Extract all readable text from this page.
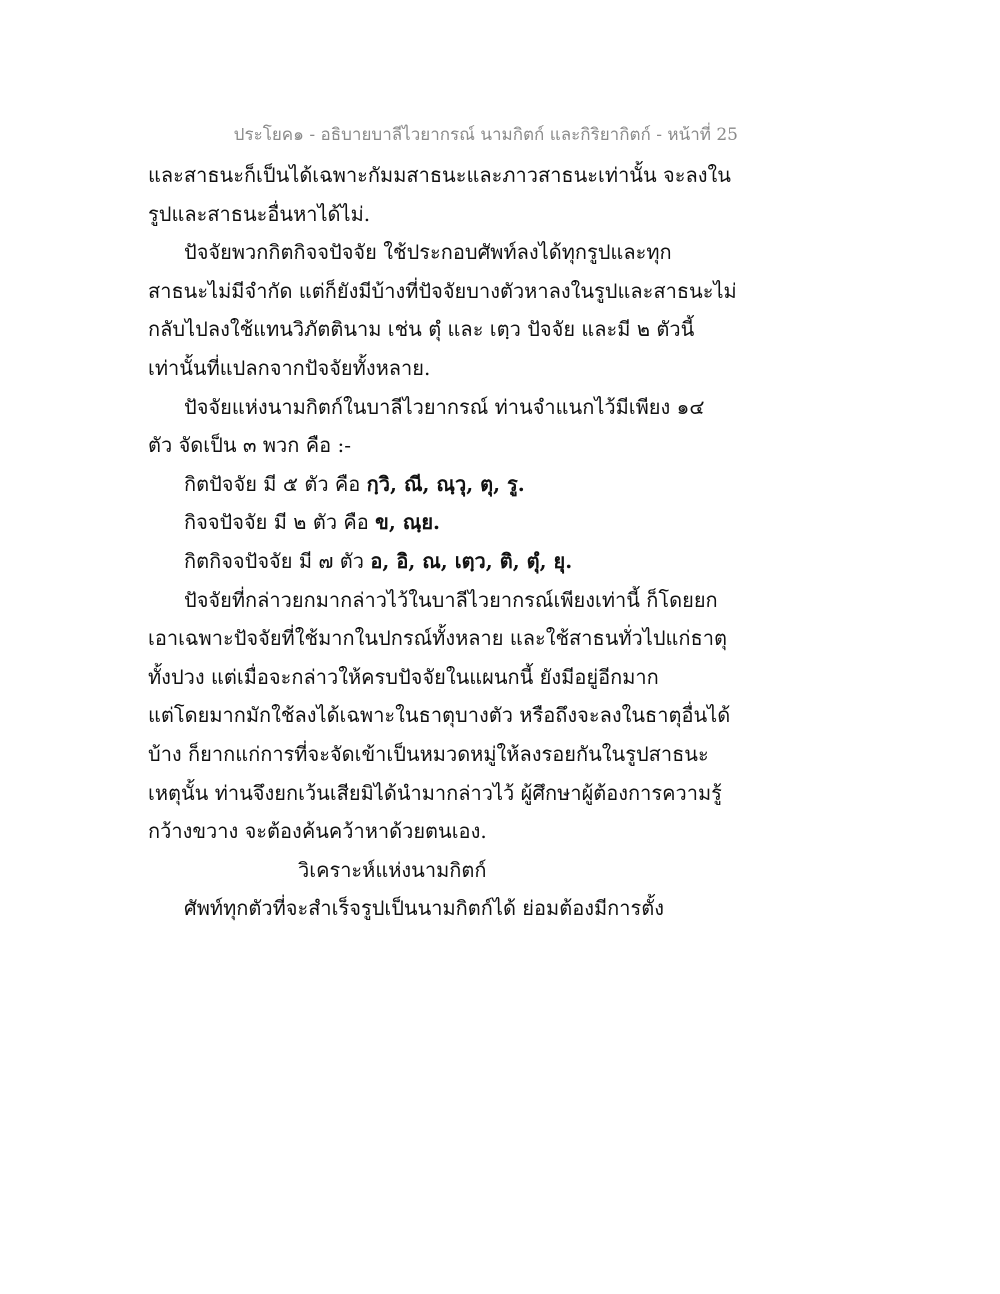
ประโยค๑ - อธิบายบาลีไวยากรณ์ นามกิตก์ และกิริยากิตก์ - หน้าที่ 25
และสาธนะก็เป็นได้เฉพาะกัมมสาธนะและภาวสาธนะเท่านั้น จะลงใน
รูปและสาธนะอื่นหาได้ไม่.
ปัจจัยพวกกิตกิจจปัจจัย ใช้ประกอบศัพท์ลงได้ทุกรูปและทุก
สาธนะไม่มีจำกัด แต่ก็ยังมีบ้างที่ปัจจัยบางตัวหาลงในรูปและสาธนะไม่
กลับไปลงใช้แทนวิภัตตินาม เช่น ตุํ และ เตฺว ปัจจัย และมี ๒ ตัวนี้
เท่านั้นที่แปลกจากปัจจัยทั้งหลาย.
ปัจจัยแห่งนามกิตก์ในบาลีไวยากรณ์ ท่านจำแนกไว้มีเพียง ๑๔
ตัว จัดเป็น ๓ พวก คือ :-
กิตปัจจัย มี ๕ ตัว คือ กฺวิ, ณี, ณฺวุ, ตุ, รู.
กิจจปัจจัย มี ๒ ตัว คือ ข, ณฺย.
กิตกิจจปัจจัย มี ๗ ตัว อ, อิ, ณ, เตฺว, ติ, ตุํ, ยุ.
ปัจจัยที่กล่าวยกมากล่าวไว้ในบาลีไวยากรณ์เพียงเท่านี้ ก็โดยยก
เอาเฉพาะปัจจัยที่ใช้มากในปกรณ์ทั้งหลาย และใช้สาธนทั่วไปแก่ธาตุ
ทั้งปวง แต่เมื่อจะกล่าวให้ครบปัจจัยในแผนกนี้ ยังมีอยู่อีกมาก
แต่โดยมากมักใช้ลงได้เฉพาะในธาตุบางตัว หรือถึงจะลงในธาตุอื่นได้
บ้าง ก็ยากแก่การที่จะจัดเข้าเป็นหมวดหมู่ให้ลงรอยกันในรูปสาธนะ
เหตุนั้น ท่านจึงยกเว้นเสียมิได้นำมากล่าวไว้ ผู้ศึกษาผู้ต้องการความรู้
กว้างขวาง จะต้องค้นคว้าหาด้วยตนเอง.
วิเคราะห์แห่งนามกิตก์
ศัพท์ทุกตัวที่จะสำเร็จรูปเป็นนามกิตก์ได้ ย่อมต้องมีการตั้ง
